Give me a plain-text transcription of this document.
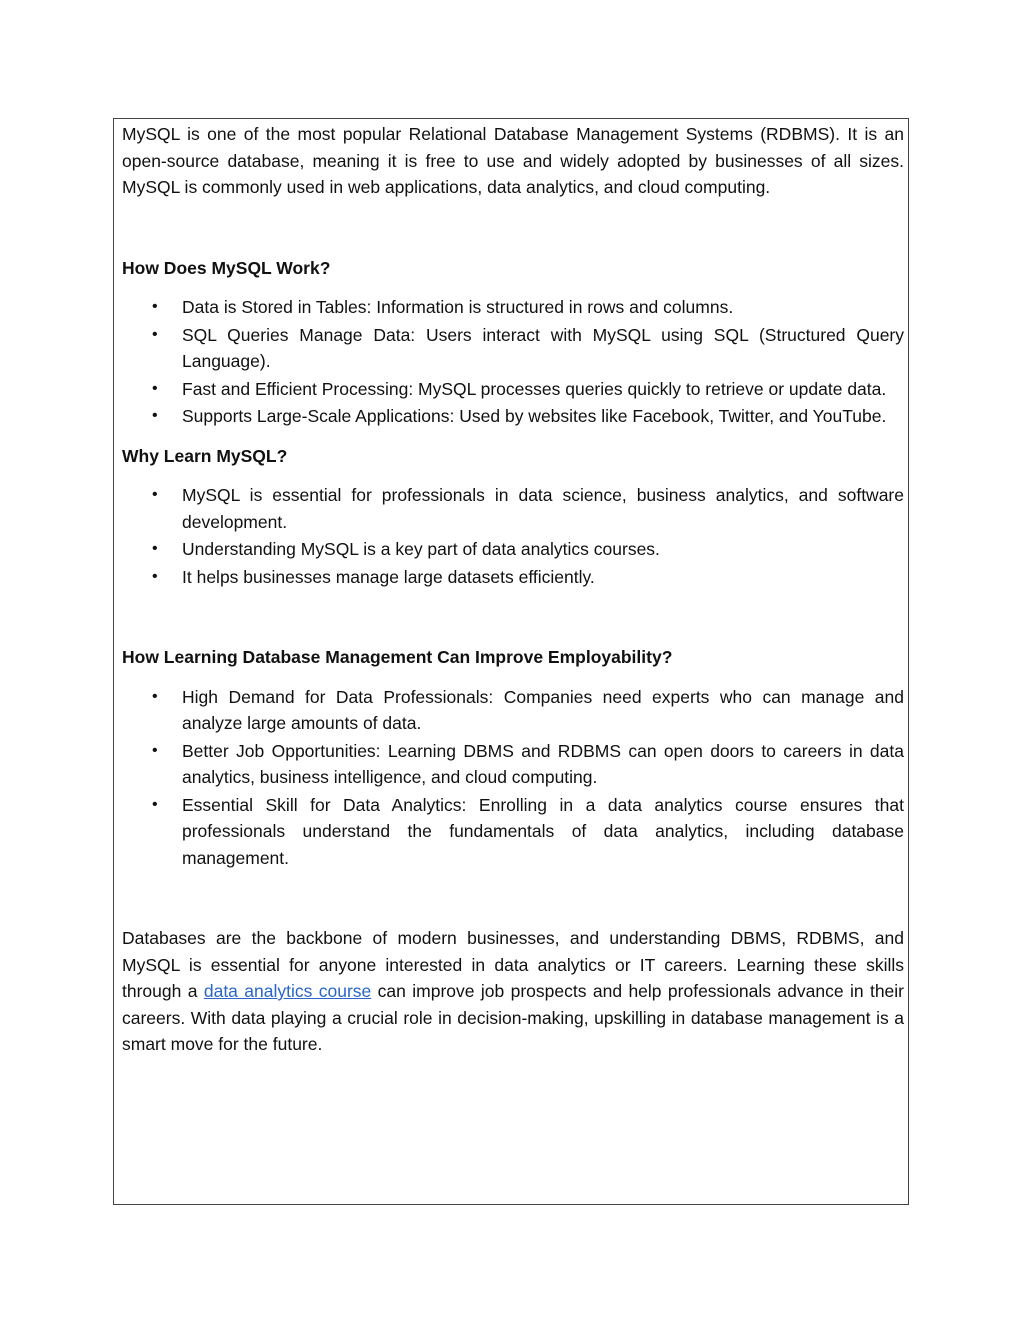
MySQL is one of the most popular Relational Database Management Systems (RDBMS). It is an open-source database, meaning it is free to use and widely adopted by businesses of all sizes. MySQL is commonly used in web applications, data analytics, and cloud computing.

How Does MySQL Work?
• Data is Stored in Tables: Information is structured in rows and columns.
• SQL Queries Manage Data: Users interact with MySQL using SQL (Structured Query Language).
• Fast and Efficient Processing: MySQL processes queries quickly to retrieve or update data.
• Supports Large-Scale Applications: Used by websites like Facebook, Twitter, and YouTube.
Why Learn MySQL?
• MySQL is essential for professionals in data science, business analytics, and software development.
• Understanding MySQL is a key part of data analytics courses.
• It helps businesses manage large datasets efficiently.
How Learning Database Management Can Improve Employability?
• High Demand for Data Professionals: Companies need experts who can manage and analyze large amounts of data.
• Better Job Opportunities: Learning DBMS and RDBMS can open doors to careers in data analytics, business intelligence, and cloud computing.
• Essential Skill for Data Analytics: Enrolling in a data analytics course ensures that professionals understand the fundamentals of data analytics, including database management.

Databases are the backbone of modern businesses, and understanding DBMS, RDBMS, and MySQL is essential for anyone interested in data analytics or IT careers. Learning these skills through a data analytics course can improve job prospects and help professionals advance in their careers. With data playing a crucial role in decision-making, upskilling in database management is a smart move for the future.
